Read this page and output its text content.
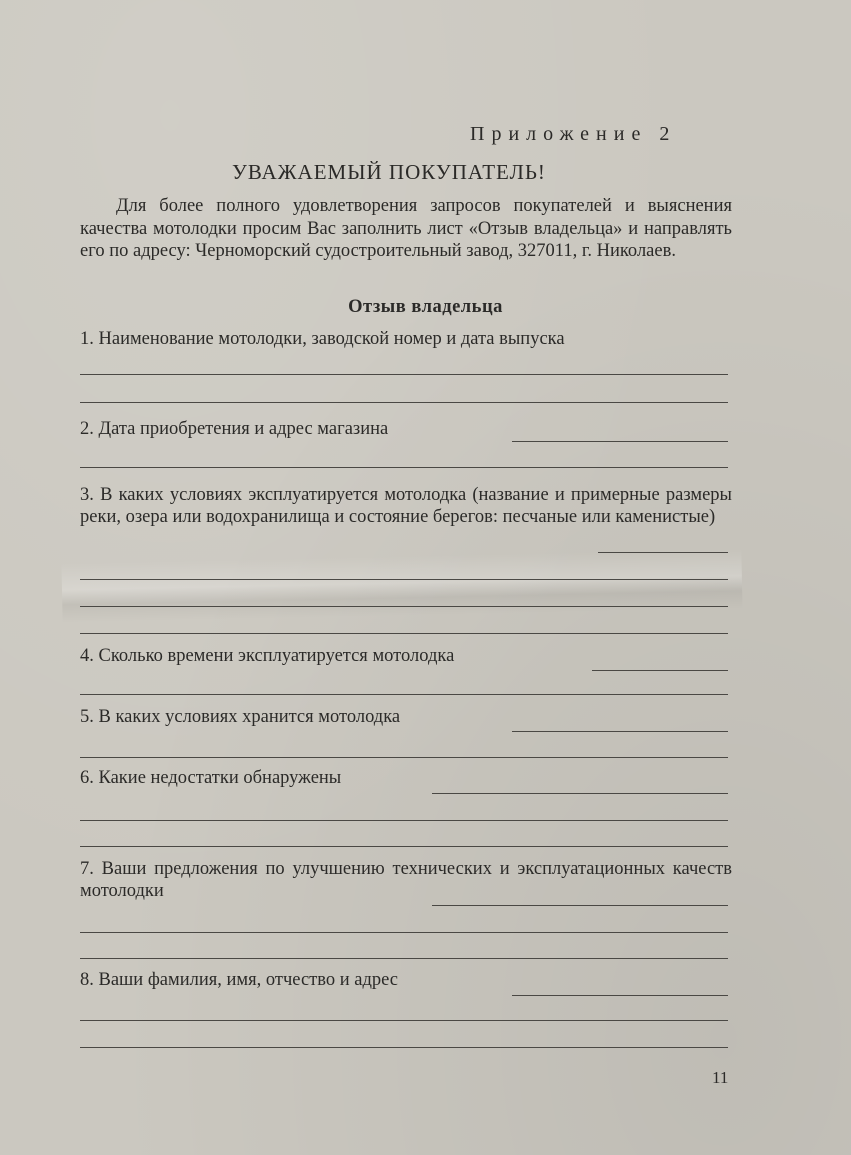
Приложение 2
УВАЖАЕМЫЙ ПОКУПАТЕЛЬ!
Для более полного удовлетворения запросов покупателей и выяснения качества мотолодки просим Вас заполнить лист «Отзыв владельца» и направлять его по адресу: Черноморский судостроительный завод, 327011, г. Николаев.
Отзыв владельца
1. Наименование мотолодки, заводской номер и дата выпуска
2. Дата приобретения и адрес магазина
3. В каких условиях эксплуатируется мотолодка (название и примерные размеры реки, озера или водохранилища и состояние берегов: песчаные или каменистые)
4. Сколько времени эксплуатируется мотолодка
5. В каких условиях хранится мотолодка
6. Какие недостатки обнаружены
7. Ваши предложения по улучшению технических и эксплуатационных качеств мотолодки
8. Ваши фамилия, имя, отчество и адрес
11
